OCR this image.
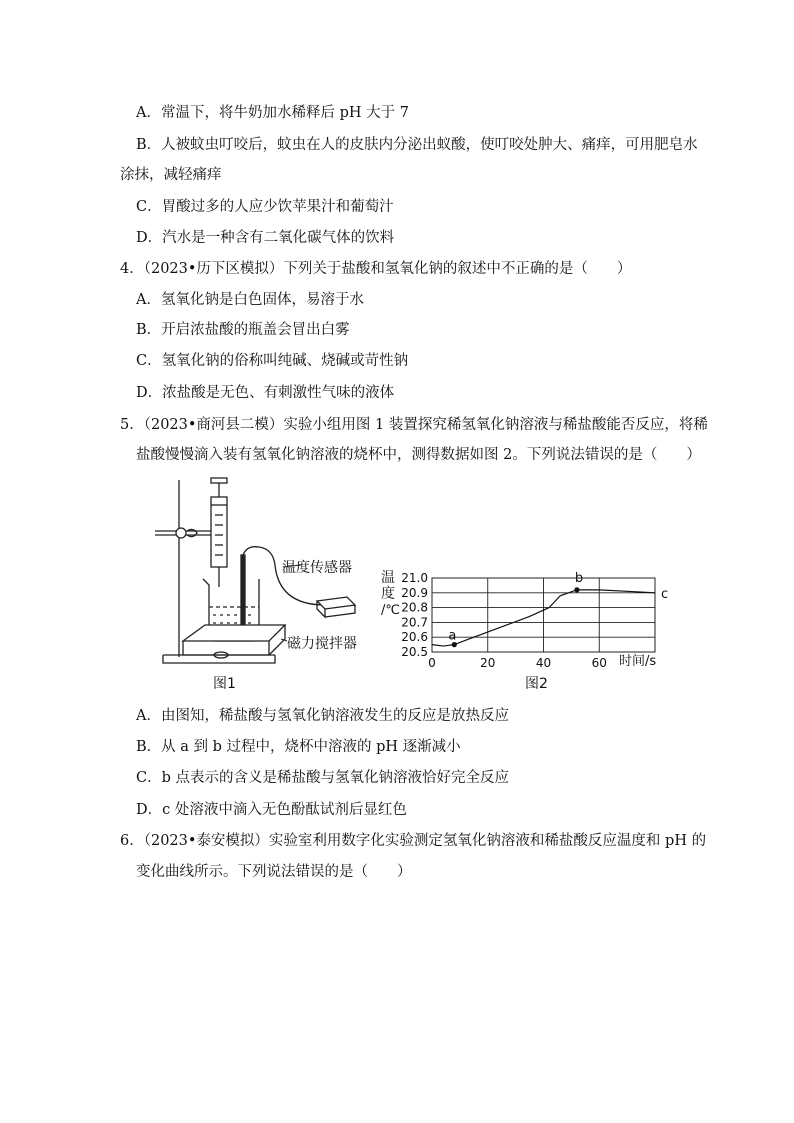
A．常温下，将牛奶加水稀释后 pH 大于 7
B．人被蚊虫叮咬后，蚊虫在人的皮肤内分泌出蚁酸，使叮咬处肿大、痛痒，可用肥皂水
涂抹，减轻痛痒
C．胃酸过多的人应少饮苹果汁和葡萄汁
D．汽水是一种含有二氧化碳气体的饮料
4．（2023•历下区模拟）下列关于盐酸和氢氧化钠的叙述中不正确的是（　　）
A．氢氧化钠是白色固体，易溶于水
B．开启浓盐酸的瓶盖会冒出白雾
C．氢氧化钠的俗称叫纯碱、烧碱或苛性钠
D．浓盐酸是无色、有刺激性气味的液体
5．（2023•商河县二模）实验小组用图 1 装置探究稀氢氧化钠溶液与稀盐酸能否反应，将稀
盐酸慢慢滴入装有氢氧化钠溶液的烧杯中，测得数据如图 2。下列说法错误的是（　　）
温度传感器
磁力搅拌器
图1
20.5
20.6
20.7
20.8
20.9
21.0
0	20	40	60
a
b
c
温
度
/℃
时间/s
图2
A．由图知，稀盐酸与氢氧化钠溶液发生的反应是放热反应
B．从 a 到 b 过程中，烧杯中溶液的 pH 逐渐减小
C．b 点表示的含义是稀盐酸与氢氧化钠溶液恰好完全反应
D．c 处溶液中滴入无色酚酞试剂后显红色
6．（2023•泰安模拟）实验室利用数字化实验测定氢氧化钠溶液和稀盐酸反应温度和 pH 的
变化曲线所示。下列说法错误的是（　　）
